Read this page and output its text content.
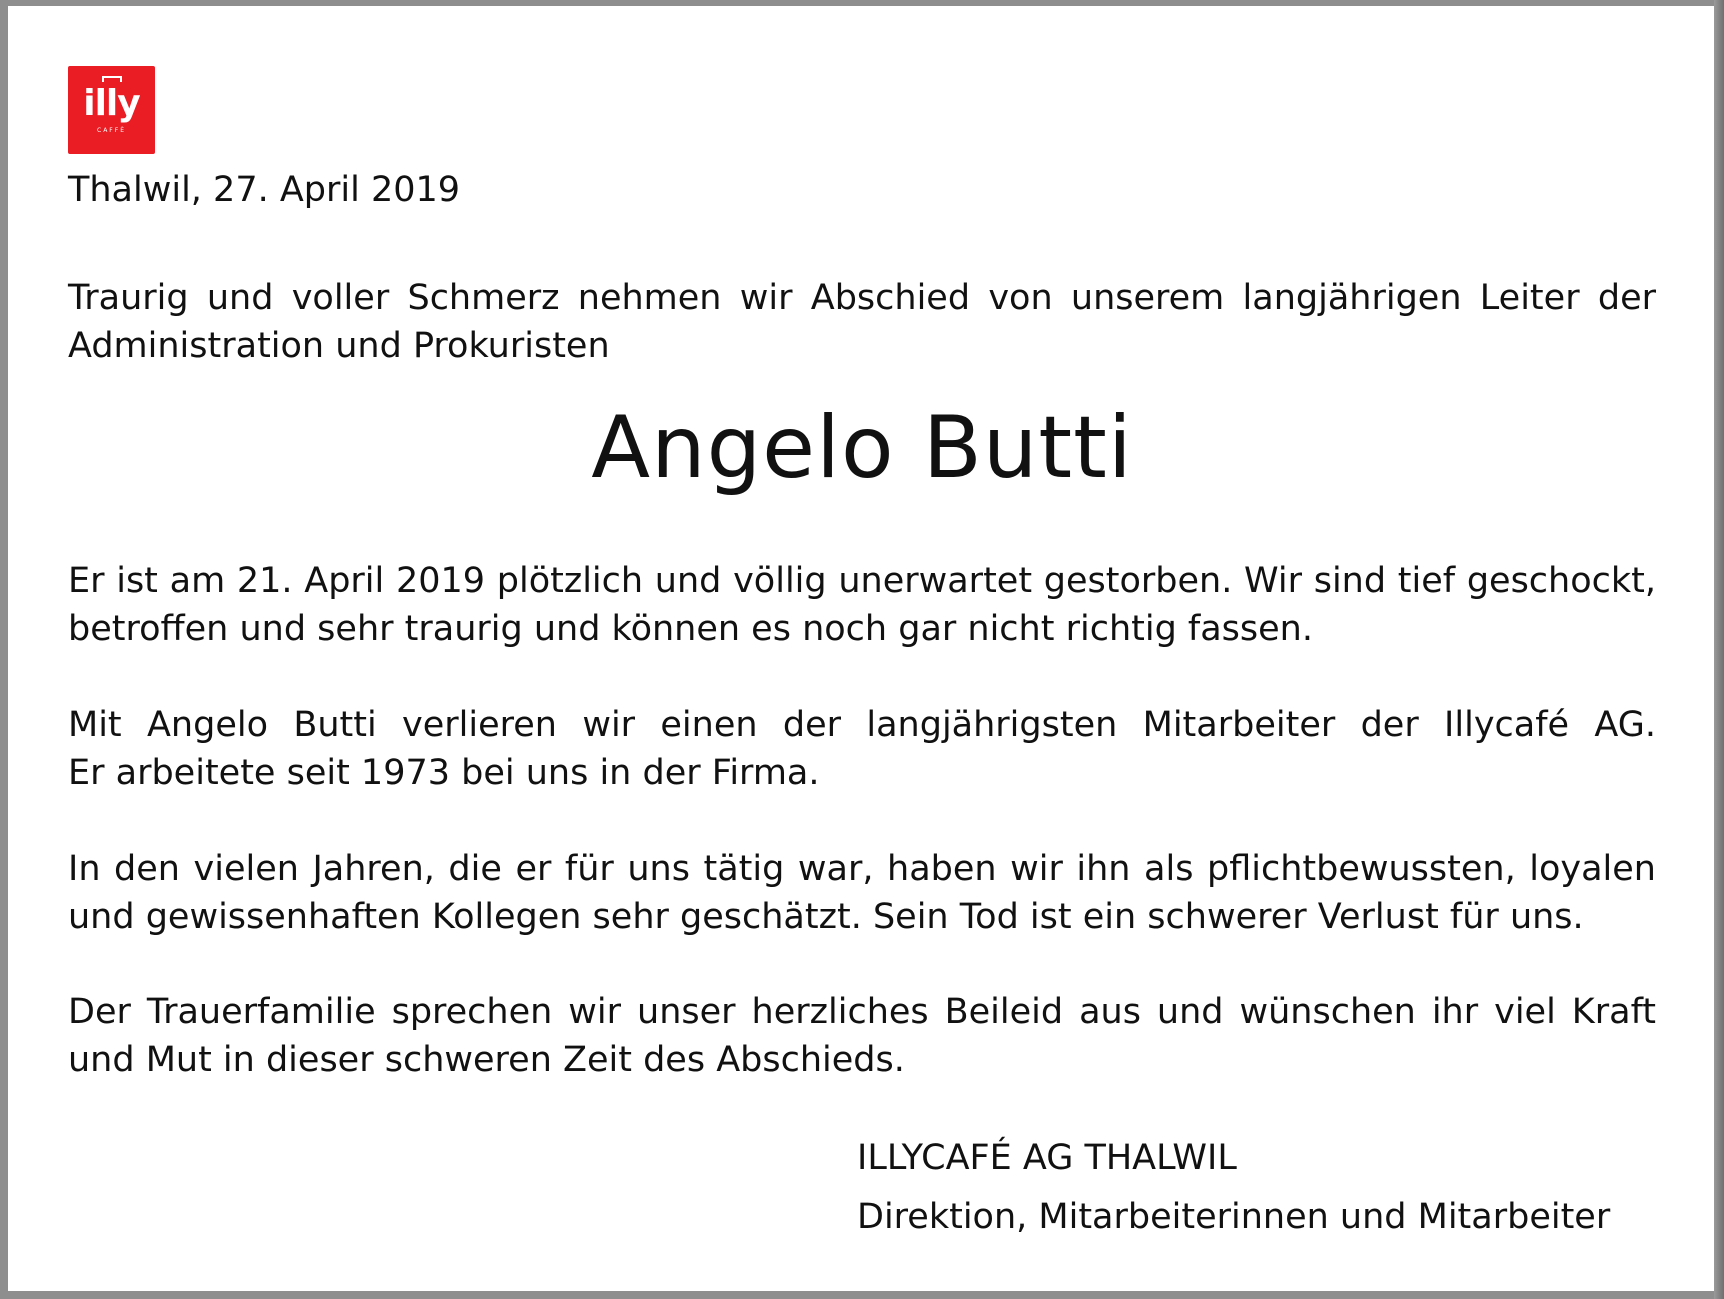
illy
CAFFÈ

Thalwil, 27. April 2019

Traurig und voller Schmerz nehmen wir Abschied von unserem langjährigen Leiter der
Administration und Prokuristen

Angelo Butti

Er ist am 21. April 2019 plötzlich und völlig unerwartet gestorben. Wir sind tief geschockt,
betroffen und sehr traurig und können es noch gar nicht richtig fassen.

Mit Angelo Butti verlieren wir einen der langjährigsten Mitarbeiter der Illycafé AG.
Er arbeitete seit 1973 bei uns in der Firma.

In den vielen Jahren, die er für uns tätig war, haben wir ihn als pflichtbewussten, loyalen
und gewissenhaften Kollegen sehr geschätzt. Sein Tod ist ein schwerer Verlust für uns.

Der Trauerfamilie sprechen wir unser herzliches Beileid aus und wünschen ihr viel Kraft
und Mut in dieser schweren Zeit des Abschieds.

ILLYCAFÉ AG THALWIL

Direktion, Mitarbeiterinnen und Mitarbeiter
